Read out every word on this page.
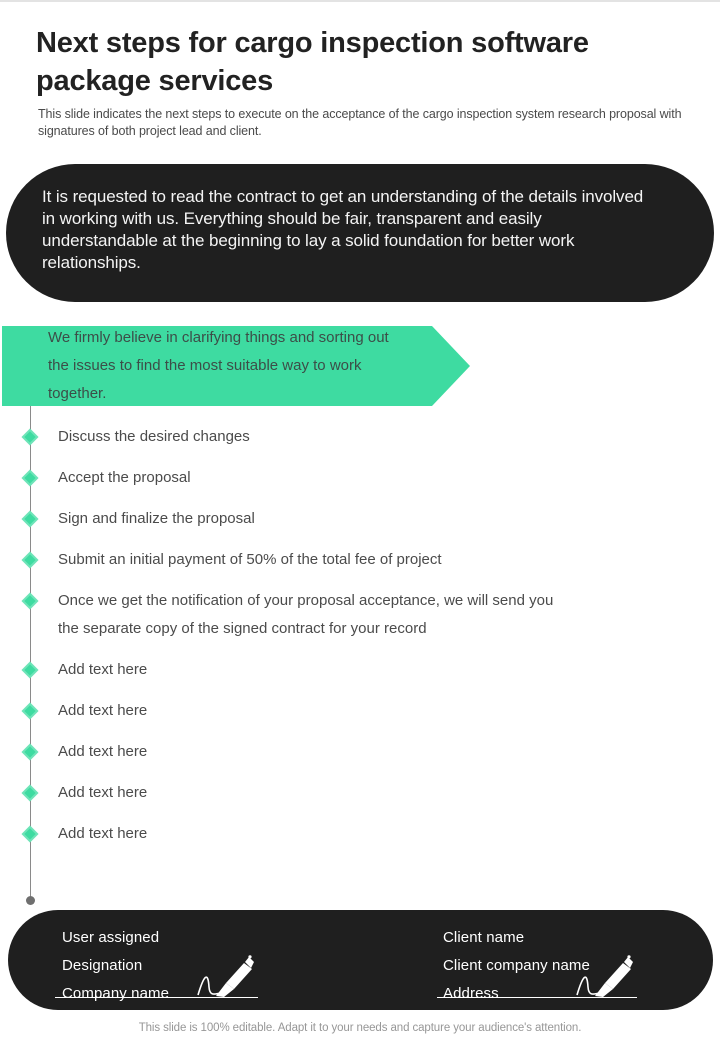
Next steps for cargo inspection software package services
This slide indicates the next steps to execute on the acceptance of the cargo inspection system research proposal with signatures of both project lead and client.
It is requested to read the contract to get an understanding of the details involved in working with us. Everything should be fair, transparent and easily understandable at the beginning to lay a solid foundation for better work relationships.
We firmly believe in clarifying things and sorting out the issues to find the most suitable way to work together.
Discuss the desired changes
Accept the proposal
Sign and finalize the proposal
Submit an initial payment of 50% of the total fee of project
Once we get the notification of your proposal acceptance, we will send you the separate copy of the signed contract for your record
Add text here
Add text here
Add text here
Add text here
Add text here
User assigned
Designation
Company name
Client name
Client company name
Address
This slide is 100% editable. Adapt it to your needs and capture your audience's attention.
